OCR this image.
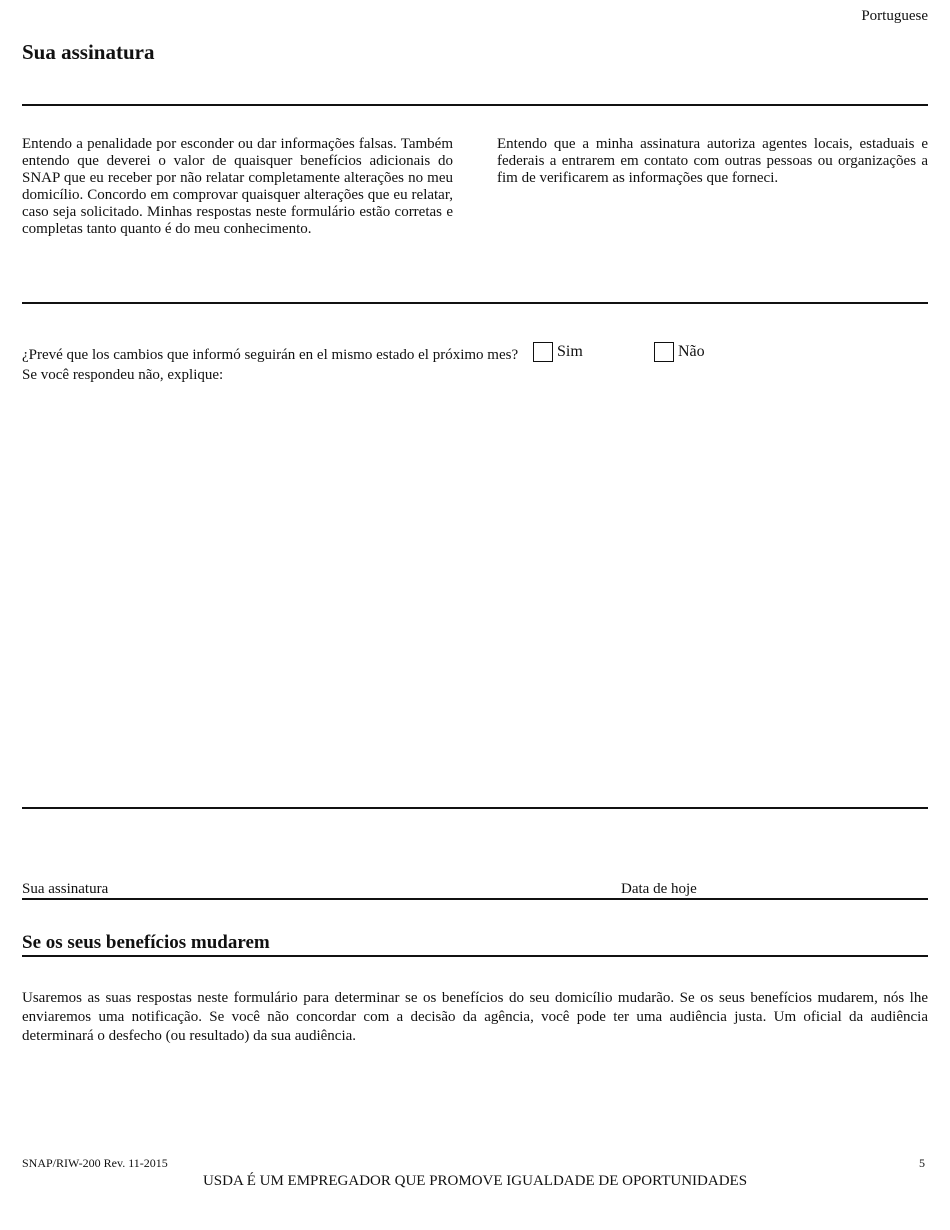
Portuguese
Sua assinatura

Entendo a penalidade por esconder ou dar informações falsas. Também entendo que deverei o valor de quaisquer benefícios adicionais do SNAP que eu receber por não relatar completamente alterações no meu domicílio. Concordo em comprovar quaisquer alterações que eu relatar, caso seja solicitado. Minhas respostas neste formulário estão corretas e completas tanto quanto é do meu conhecimento.

Entendo que a minha assinatura autoriza agentes locais, estaduais e federais a entrarem em contato com outras pessoas ou organizações a fim de verificarem as informações que forneci.

¿Prevé que los cambios que informó seguirán en el mismo estado el próximo mes? Sim	Não
Se você respondeu não, explique:
Sua assinatura	Data de hoje
Se os seus benefícios mudarem

Usaremos as suas respostas neste formulário para determinar se os benefícios do seu domicílio mudarão. Se os seus benefícios mudarem, nós lhe enviaremos uma notificação. Se você não concordar com a decisão da agência, você pode ter uma audiência justa. Um oficial da audiência determinará o desfecho (ou resultado) da sua audiência.

SNAP/RIW-200 Rev. 11-2015	5
USDA É UM EMPREGADOR QUE PROMOVE IGUALDADE DE OPORTUNIDADES
